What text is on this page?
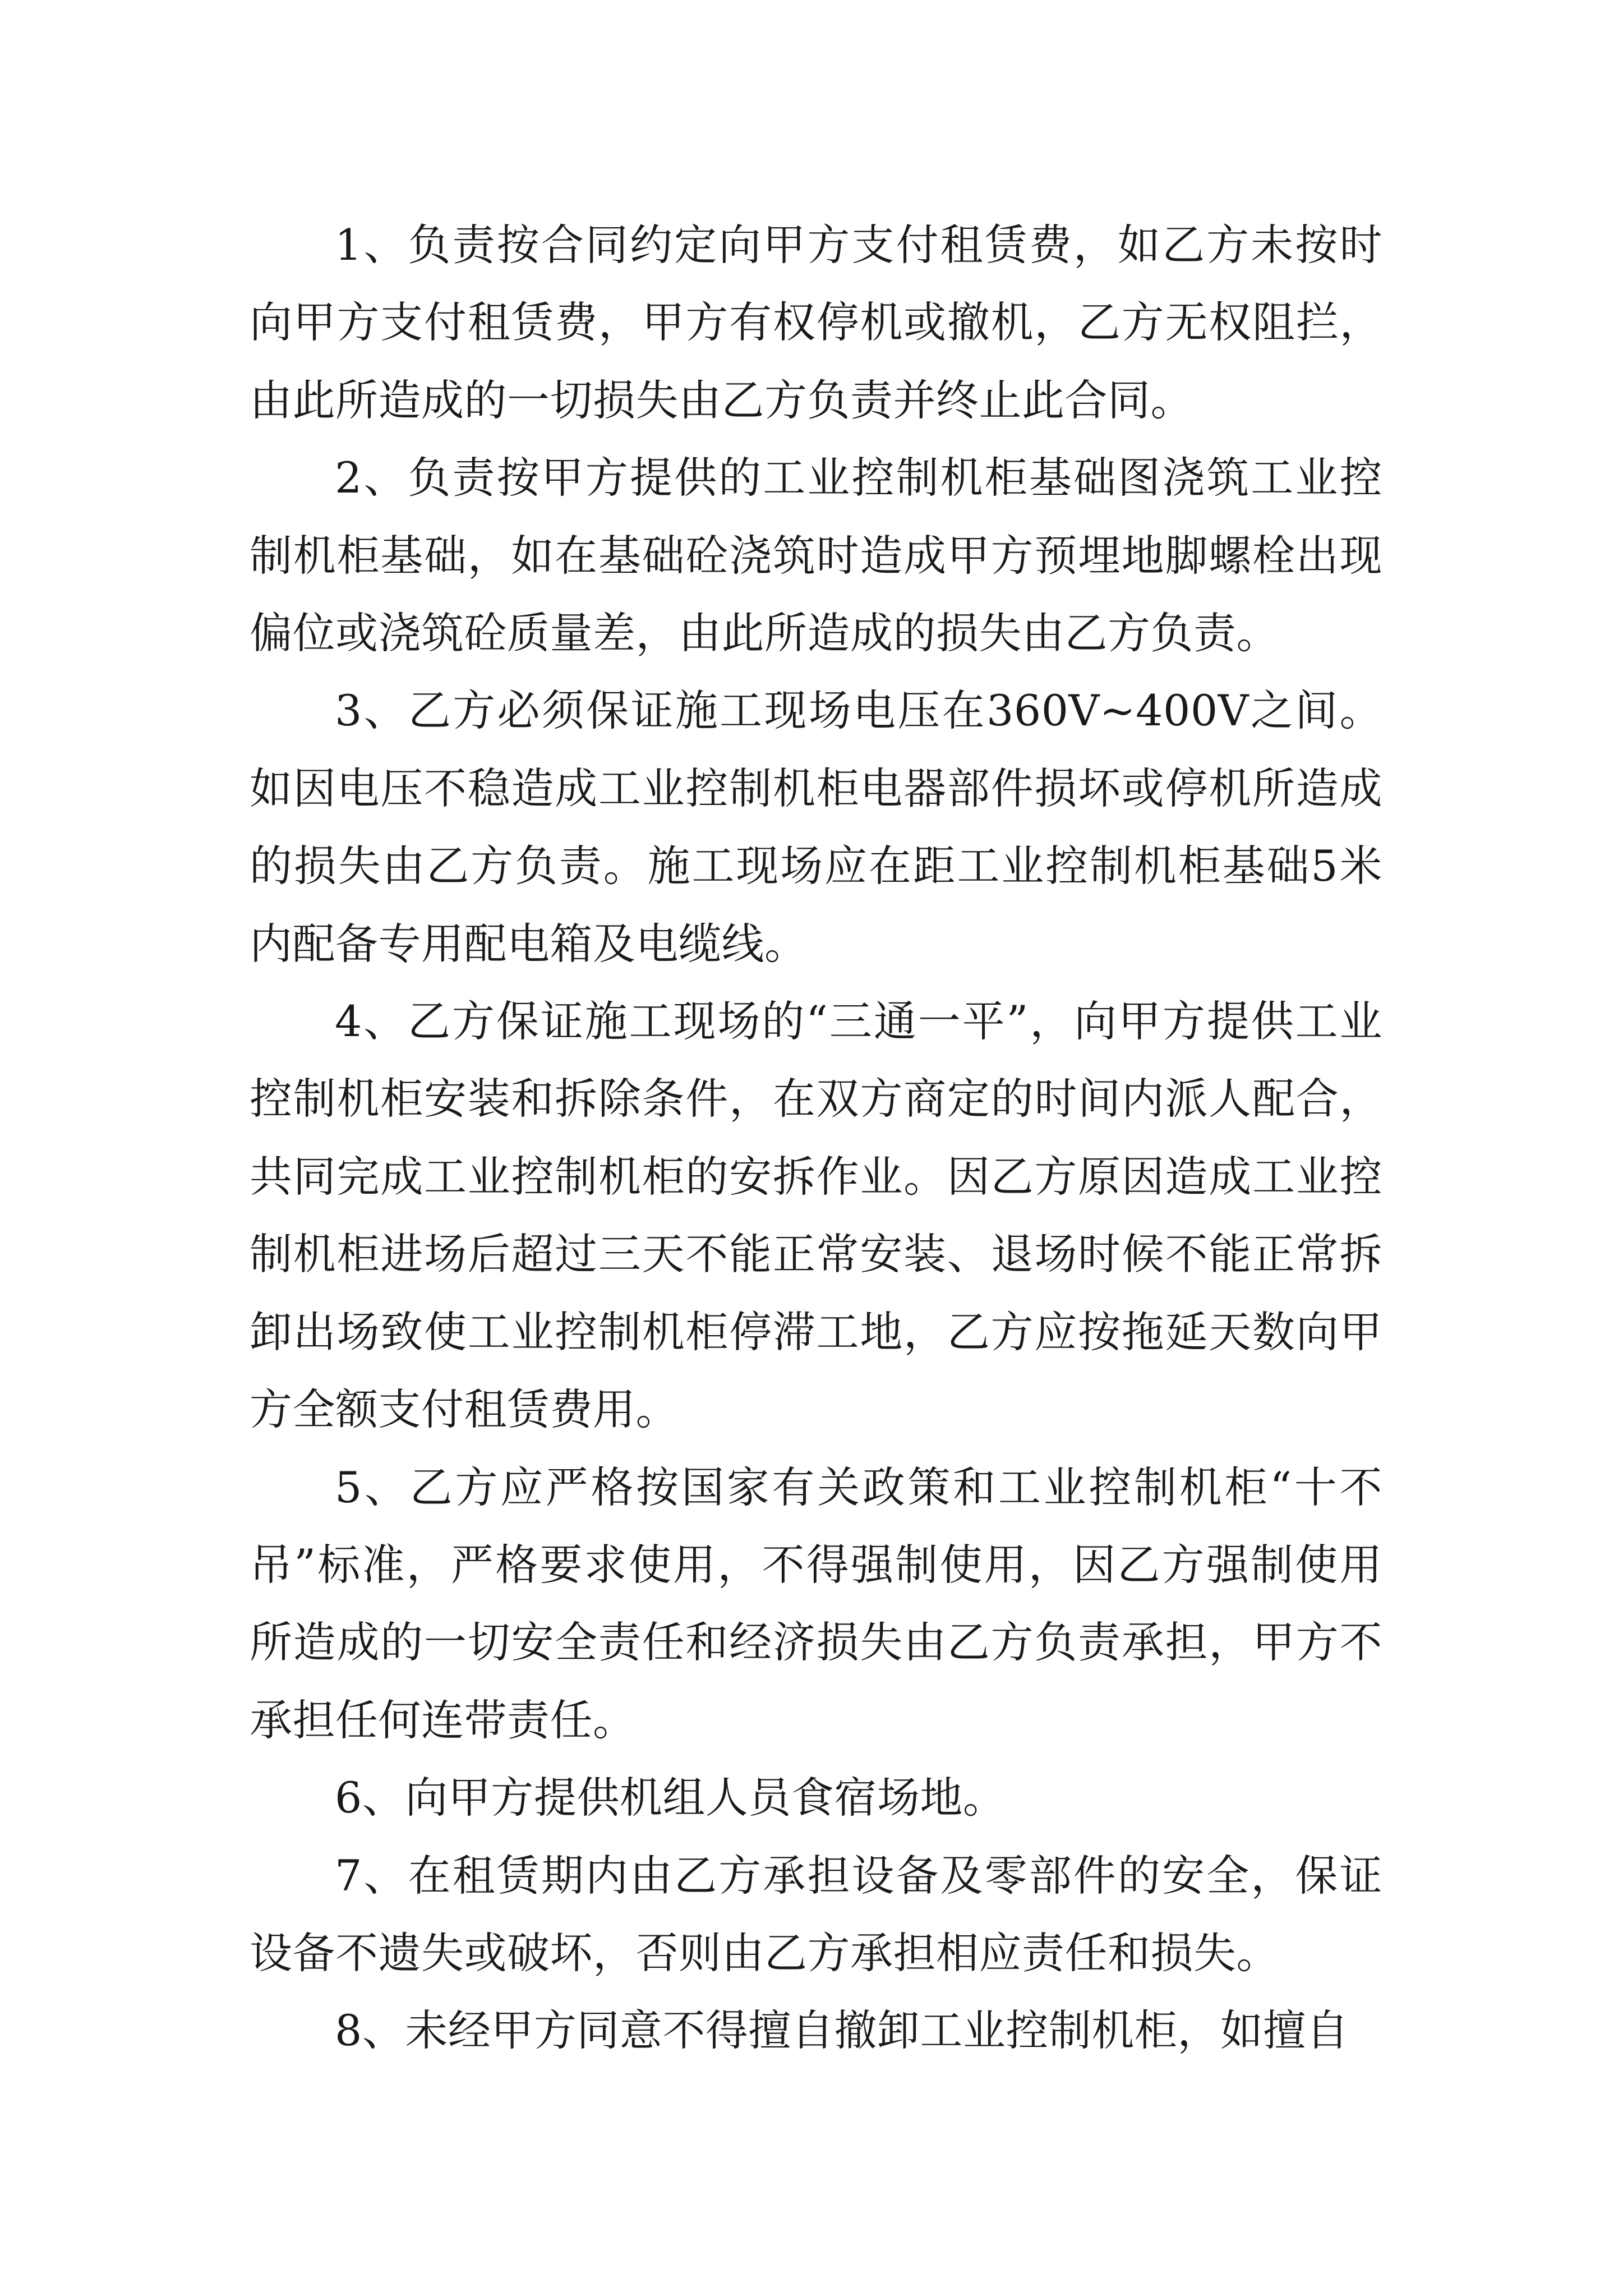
1、负责按合同约定向甲方支付租赁费，如乙方未按时向甲方支付租赁费，甲方有权停机或撤机，乙方无权阻拦，由此所造成的一切损失由乙方负责并终止此合同。

2、负责按甲方提供的工业控制机柜基础图浇筑工业控制机柜基础，如在基础砼浇筑时造成甲方预埋地脚螺栓出现偏位或浇筑砼质量差，由此所造成的损失由乙方负责。

3、乙方必须保证施工现场电压在360V~400V之间。如因电压不稳造成工业控制机柜电器部件损坏或停机所造成的损失由乙方负责。施工现场应在距工业控制机柜基础5米内配备专用配电箱及电缆线。

4、乙方保证施工现场的“三通一平”，向甲方提供工业控制机柜安装和拆除条件，在双方商定的时间内派人配合，共同完成工业控制机柜的安拆作业。因乙方原因造成工业控制机柜进场后超过三天不能正常安装、退场时候不能正常拆卸出场致使工业控制机柜停滞工地，乙方应按拖延天数向甲方全额支付租赁费用。

5、乙方应严格按国家有关政策和工业控制机柜“十不吊”标准，严格要求使用，不得强制使用，因乙方强制使用所造成的一切安全责任和经济损失由乙方负责承担，甲方不承担任何连带责任。

6、向甲方提供机组人员食宿场地。

7、在租赁期内由乙方承担设备及零部件的安全，保证设备不遗失或破坏，否则由乙方承担相应责任和损失。

8、未经甲方同意不得擅自撤卸工业控制机柜，如擅自
